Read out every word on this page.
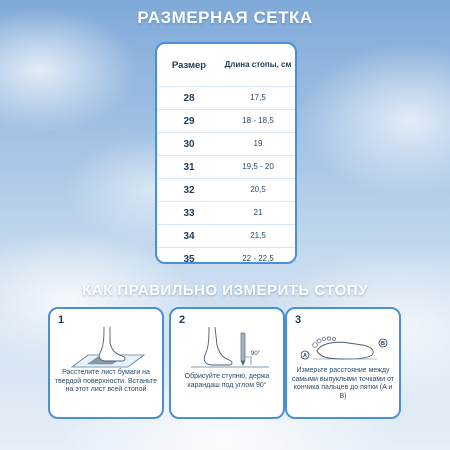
РАЗМЕРНАЯ СЕТКА
Размер	Длина стопы, см
28	17,5
29	18 - 18,5
30	19
31	19,5 - 20
32	20,5
33	21
34	21,5
35	22 - 22,5
КАК ПРАВИЛЬНО ИЗМЕРИТЬ СТОПУ
1
Расстелите лист бумаги на твердой поверхности. Встаньте на этот лист всей стопой
2
90°
Обрисуйте ступню, держа карандаш под углом 90°
3
A
B
Измерьте расстояние между самыми выпуклыми точками от кончика пальцев до пятки (A и B)
